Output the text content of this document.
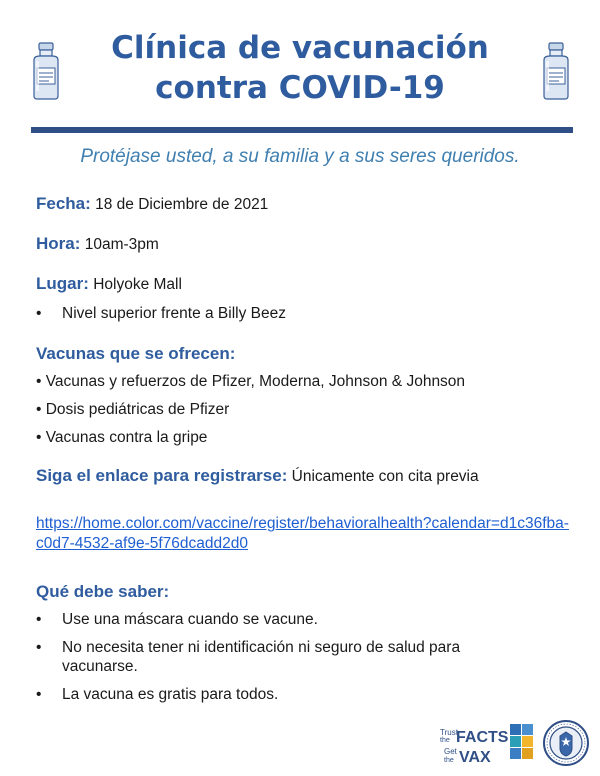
Clínica de vacunación
contra COVID-19
Protéjase usted, a su familia y a sus seres queridos.
Fecha: 18 de Diciembre de 2021
Hora: 10am-3pm
Lugar: Holyoke Mall
• Nivel superior frente a Billy Beez
Vacunas que se ofrecen:
• Vacunas y refuerzos de Pfizer, Moderna, Johnson & Johnson
• Dosis pediátricas de Pfizer
• Vacunas contra la gripe
Siga el enlace para registrarse: Únicamente con cita previa
https://home.color.com/vaccine/register/behavioralhealth?calendar=d1c36fba-c0d7-4532-af9e-5f76dcadd2d0
Qué debe saber:
• Use una máscara cuando se vacune.
• No necesita tener ni identificación ni seguro de salud para
vacunarse.
• La vacuna es gratis para todos.
Trust
the FACTS
Get
the VAX
